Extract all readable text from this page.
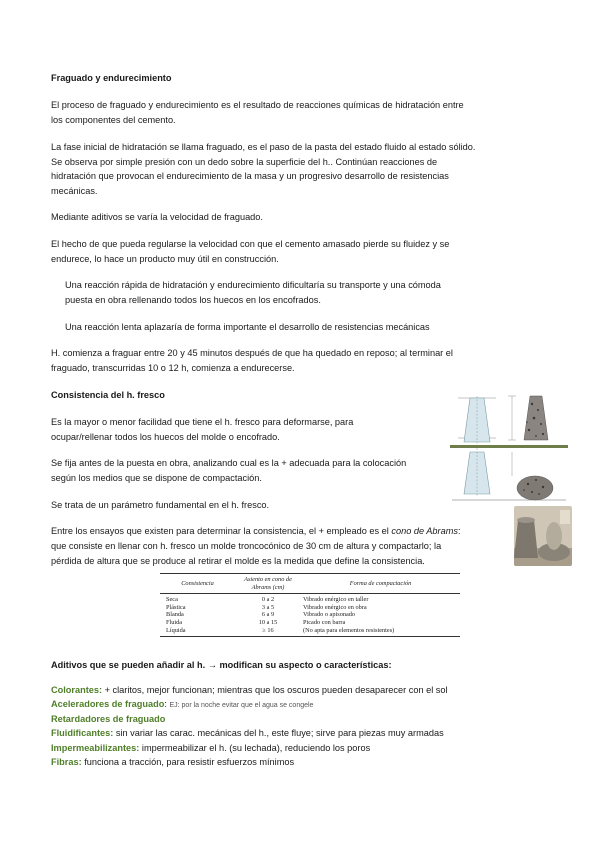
Fraguado y endurecimiento

El proceso de fraguado y endurecimiento es el resultado de reacciones químicas de hidratación entre

los componentes del cemento.

La fase inicial de hidratación se llama fraguado, es el paso de la pasta del estado fluido al estado sólido.

Se observa por simple presión con un dedo sobre la superficie del h.. Continúan reacciones de

hidratación que provocan el endurecimiento de la masa y un progresivo desarrollo de resistencias

mecánicas.

Mediante aditivos se varía la velocidad de fraguado.

El hecho de que pueda regularse la velocidad con que el cemento amasado pierde su fluidez y se

endurece, lo hace un producto muy útil en construcción.

Una reacción rápida de hidratación y endurecimiento dificultaría su transporte y una cómoda

puesta en obra rellenando todos los huecos en los encofrados.

Una reacción lenta aplazaría de forma importante el desarrollo de resistencias mecánicas

H. comienza a fraguar entre 20 y 45 minutos después de que ha quedado en reposo; al terminar el

fraguado, transcurridas 10 o 12 h, comienza a endurecerse.

Consistencia del h. fresco

Es la mayor o menor facilidad que tiene el h. fresco para deformarse, para

ocupar/rellenar todos los huecos del molde o encofrado.

Se fija antes de la puesta en obra, analizando cual es la + adecuada para la colocación

según los medios que se dispone de compactación.

Se trata de un parámetro fundamental en el h. fresco.

Entre los ensayos que existen para determinar la consistencia, el + empleado es el cono de Abrams:

que consiste en llenar con h. fresco un molde troncocónico de 30 cm de altura y compactarlo; la

pérdida de altura que se produce al retirar el molde es la medida que define la consistencia.

Consistencia	Asiento en cono de Abrams (cm)	Forma de compactación
Seca	0 a 2	Vibrado enérgico en taller
Plástica	3 a 5	Vibrado enérgico en obra
Blanda	6 a 9	Vibrado o apisonado
Fluida	10 a 15	Picado con barra
Líquida	≥ 16	(No apta para elementos resistentes)

Aditivos que se pueden añadir al h. → modifican su aspecto o características:

Colorantes: + claritos, mejor funcionan; mientras que los oscuros pueden desaparecer con el sol

Aceleradores de fraguado: EJ: por la noche evitar que el agua se congele

Retardadores de fraguado

Fluidificantes: sin variar las carac. mecánicas del h., este fluye; sirve para piezas muy armadas

Impermeabilizantes: impermeabilizar el h. (su lechada), reduciendo los poros

Fibras: funciona a tracción, para resistir esfuerzos mínimos
